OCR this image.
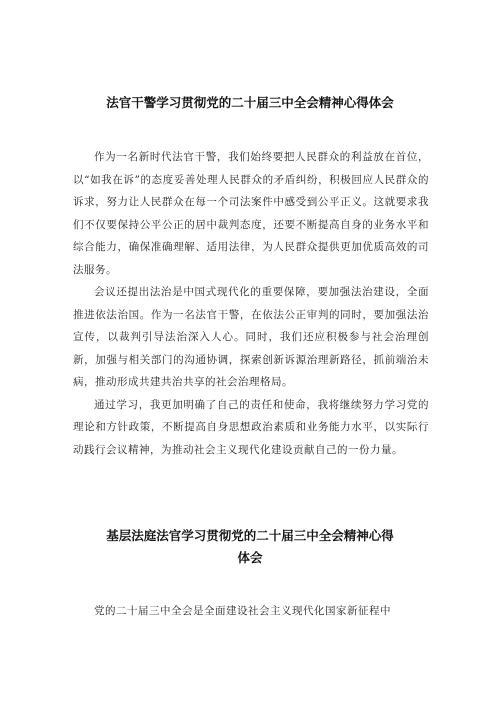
法官干警学习贯彻党的二十届三中全会精神心得体会

作为一名新时代法官干警，我们始终要把人民群众的利益放在首位，以“如我在诉”的态度妥善处理人民群众的矛盾纠纷，积极回应人民群众的诉求，努力让人民群众在每一个司法案件中感受到公平正义。这就要求我们不仅要保持公平公正的居中裁判态度，还要不断提高自身的业务水平和综合能力，确保准确理解、适用法律，为人民群众提供更加优质高效的司法服务。

会议还提出法治是中国式现代化的重要保障，要加强法治建设，全面推进依法治国。作为一名法官干警，在依法公正审判的同时，要加强法治宣传，以裁判引导法治深入人心。同时，我们还应积极参与社会治理创新，加强与相关部门的沟通协调，探索创新诉源治理新路径，抓前端治未病，推动形成共建共治共享的社会治理格局。

通过学习，我更加明确了自己的责任和使命，我将继续努力学习党的理论和方针政策，不断提高自身思想政治素质和业务能力水平，以实际行动践行会议精神，为推动社会主义现代化建设贡献自己的一份力量。

基层法庭法官学习贯彻党的二十届三中全会精神心得
体会

党的二十届三中全会是全面建设社会主义现代化国家新征程中
